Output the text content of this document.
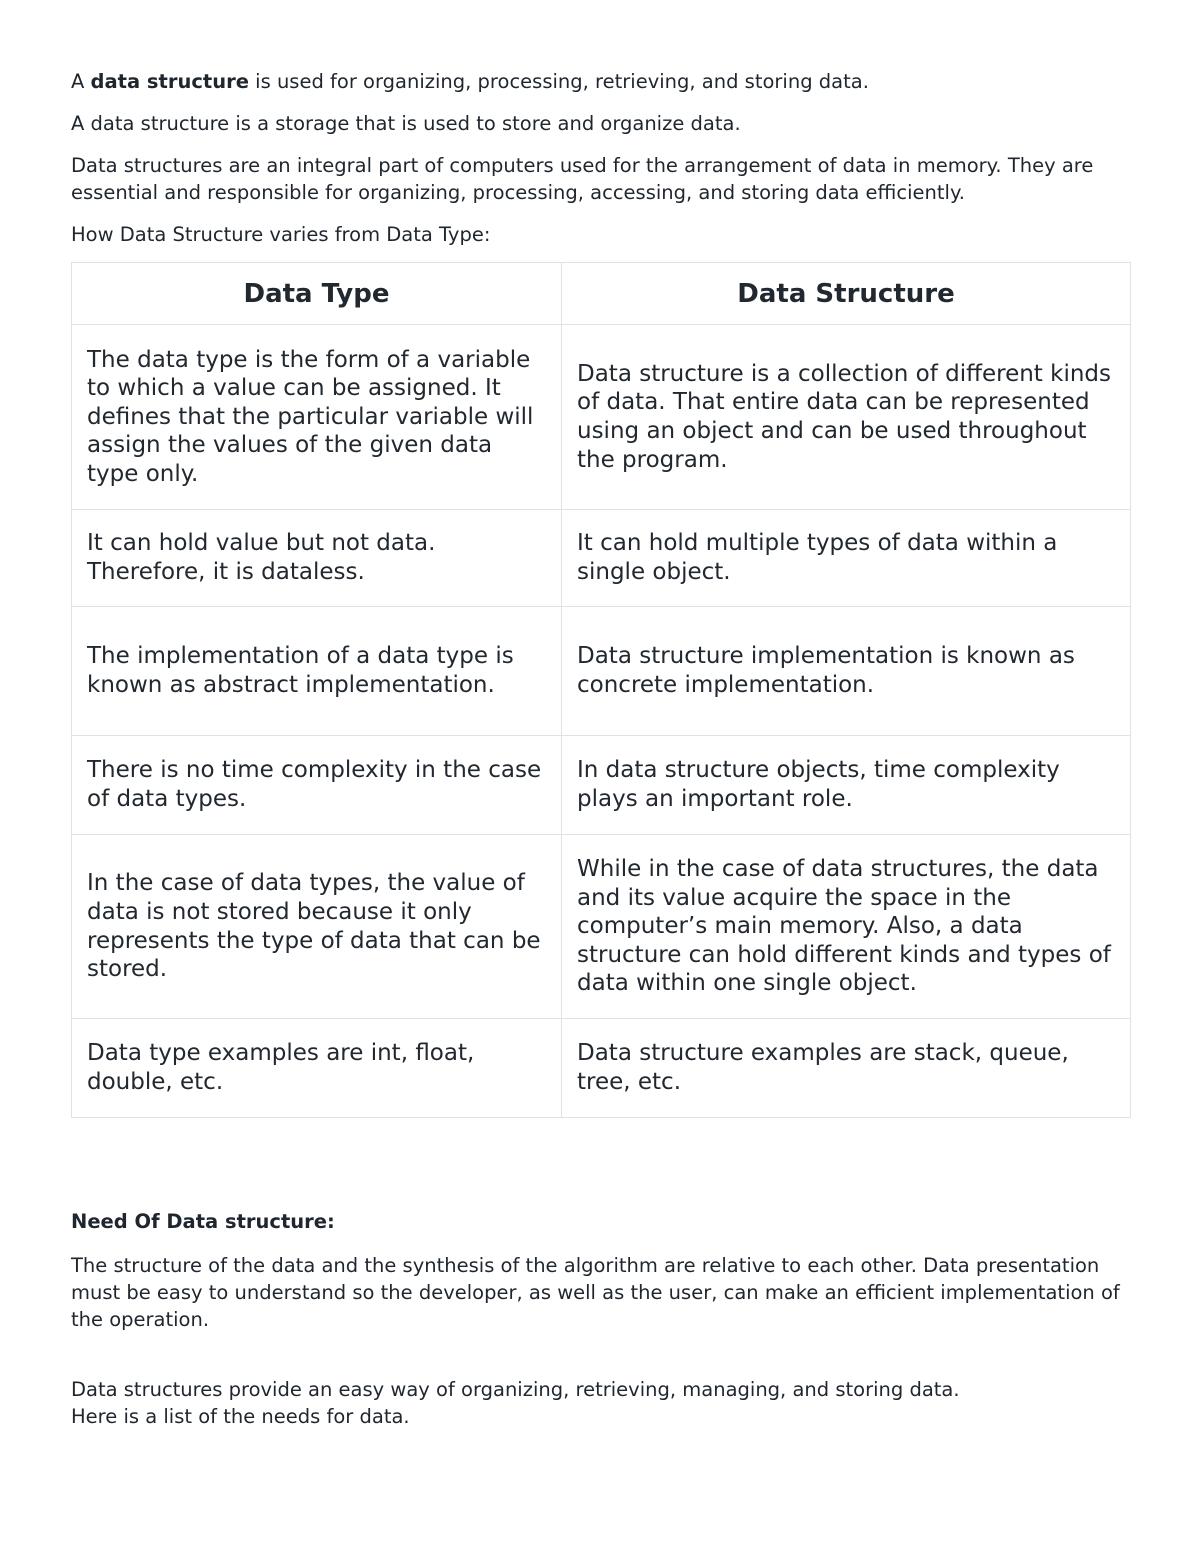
A data structure is used for organizing, processing, retrieving, and storing data.

A data structure is a storage that is used to store and organize data.

Data structures are an integral part of computers used for the arrangement of data in memory. They are essential and responsible for organizing, processing, accessing, and storing data efficiently.

How Data Structure varies from Data Type:

Data Type	Data Structure
The data type is the form of a variable to which a value can be assigned. It defines that the particular variable will assign the values of the given data type only.	Data structure is a collection of different kinds of data. That entire data can be represented using an object and can be used throughout the program.
It can hold value but not data. Therefore, it is dataless.	It can hold multiple types of data within a single object.
The implementation of a data type is known as abstract implementation.	Data structure implementation is known as concrete implementation.
There is no time complexity in the case of data types.	In data structure objects, time complexity plays an important role.
In the case of data types, the value of data is not stored because it only represents the type of data that can be stored.	While in the case of data structures, the data and its value acquire the space in the computer’s main memory. Also, a data structure can hold different kinds and types of data within one single object.
Data type examples are int, float, double, etc.	Data structure examples are stack, queue, tree, etc.
Need Of Data structure:

The structure of the data and the synthesis of the algorithm are relative to each other. Data presentation must be easy to understand so the developer, as well as the user, can make an efficient implementation of the operation.

Data structures provide an easy way of organizing, retrieving, managing, and storing data.
Here is a list of the needs for data.
